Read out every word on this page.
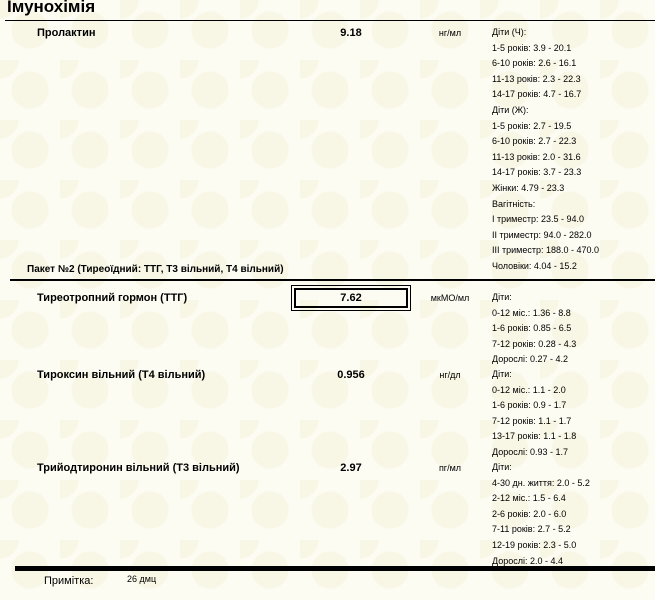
Імунохімія
Пролактин	9.18	нг/мл	Діти (Ч):
1-5 років: 3.9 - 20.1
6-10 років: 2.6 - 16.1
11-13 років: 2.3 - 22.3
14-17 років: 4.7 - 16.7
Діти (Ж):
1-5 років: 2.7 - 19.5
6-10 років: 2.7 - 22.3
11-13 років: 2.0 - 31.6
14-17 років: 3.7 - 23.3
Жінки: 4.79 - 23.3
Вагітність:
I триместр: 23.5 - 94.0
II триместр: 94.0 - 282.0
III триместр: 188.0 - 470.0
Чоловіки: 4.04 - 15.2
Пакет №2 (Тиреоїдний: ТТГ, Т3 вільний, Т4 вільний)
Тиреотропний гормон (ТТГ)	7.62	мкМО/мл	Діти:
0-12 міс.: 1.36 - 8.8
1-6 років: 0.85 - 6.5
7-12 років: 0.28 - 4.3
Дорослі: 0.27 - 4.2
Тироксин вільний (Т4 вільний)	0.956	нг/дл	Діти:
0-12 міс.: 1.1 - 2.0
1-6 років: 0.9 - 1.7
7-12 років: 1.1 - 1.7
13-17 років: 1.1 - 1.8
Дорослі: 0.93 - 1.7
Трийодтиронин вільний (Т3 вільний)	2.97	пг/мл	Діти:
4-30 дн. життя: 2.0 - 5.2
2-12 міс.: 1.5 - 6.4
2-6 років: 2.0 - 6.0
7-11 років: 2.7 - 5.2
12-19 років: 2.3 - 5.0
Дорослі: 2.0 - 4.4
Примітка:	26 дмц
